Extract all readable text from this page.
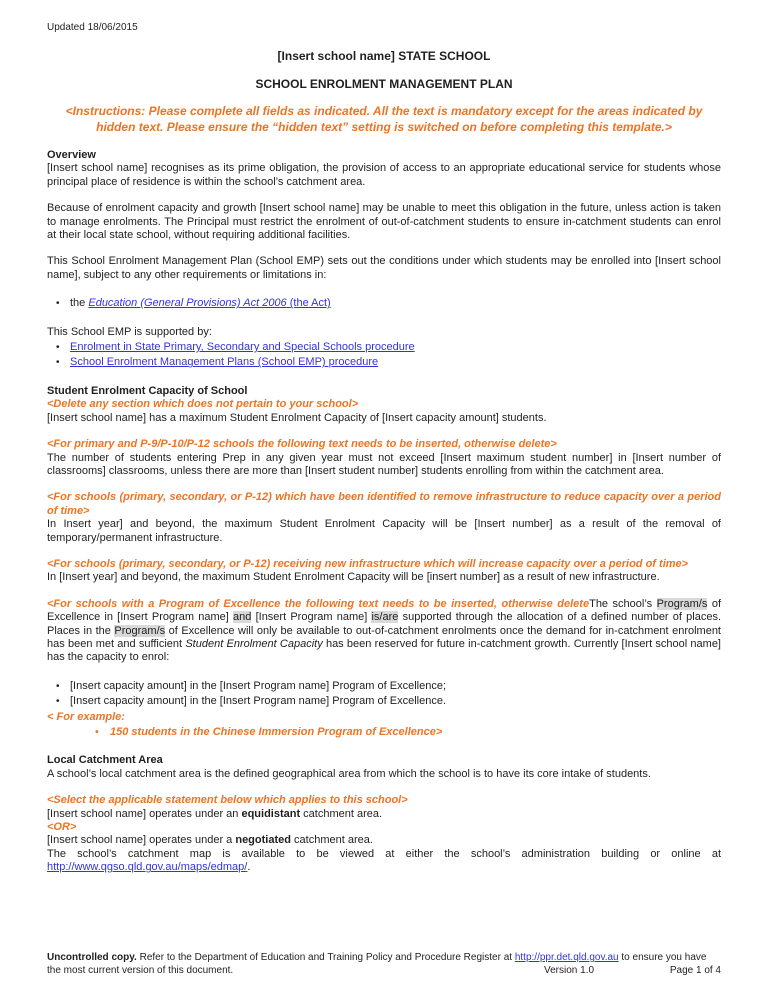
Updated 18/06/2015
[Insert school name] STATE SCHOOL
SCHOOL ENROLMENT MANAGEMENT PLAN
<Instructions: Please complete all fields as indicated. All the text is mandatory except for the areas indicated by hidden text. Please ensure the “hidden text” setting is switched on before completing this template.>

Overview

[Insert school name] recognises as its prime obligation, the provision of access to an appropriate educational service for students whose principal place of residence is within the school’s catchment area.

Because of enrolment capacity and growth [Insert school name] may be unable to meet this obligation in the future, unless action is taken to manage enrolments. The Principal must restrict the enrolment of out-of-catchment students to ensure in-catchment students can enrol at their local state school, without requiring additional facilities.

This School Enrolment Management Plan (School EMP) sets out the conditions under which students may be enrolled into [Insert school name], subject to any other requirements or limitations in:

• the Education (General Provisions) Act 2006 (the Act)

This School EMP is supported by:

• Enrolment in State Primary, Secondary and Special Schools procedure
• School Enrolment Management Plans (School EMP) procedure

Student Enrolment Capacity of School

<Delete any section which does not pertain to your school>

[Insert school name] has a maximum Student Enrolment Capacity of [Insert capacity amount] students.

<For primary and P-9/P-10/P-12 schools the following text needs to be inserted, otherwise delete>

The number of students entering Prep in any given year must not exceed [Insert maximum student number] in [Insert number of classrooms] classrooms, unless there are more than [Insert student number] students enrolling from within the catchment area.

<For schools (primary, secondary, or P-12) which have been identified to remove infrastructure to reduce capacity over a period of time>

In Insert year] and beyond, the maximum Student Enrolment Capacity will be [Insert number] as a result of the removal of temporary/permanent infrastructure.

<For schools (primary, secondary, or P-12) receiving new infrastructure which will increase capacity over a period of time>

In [Insert year] and beyond, the maximum Student Enrolment Capacity will be [insert number] as a result of new infrastructure.

<For schools with a Program of Excellence the following text needs to be inserted, otherwise deleteThe school’s Program/s of Excellence in [Insert Program name] and [Insert Program name] is/are supported through the allocation of a defined number of places. Places in the Program/s of Excellence will only be available to out-of-catchment enrolments once the demand for in-catchment enrolment has been met and sufficient Student Enrolment Capacity has been reserved for future in-catchment growth. Currently [Insert school name] has the capacity to enrol:

• [Insert capacity amount] in the [Insert Program name] Program of Excellence;
• [Insert capacity amount] in the [Insert Program name] Program of Excellence.

< For example:

•	150 students in the Chinese Immersion Program of Excellence>

Local Catchment Area

A school’s local catchment area is the defined geographical area from which the school is to have its core intake of students.

<Select the applicable statement below which applies to this school>

[Insert school name] operates under an equidistant catchment area.

<OR>

[Insert school name] operates under a negotiated catchment area.

The school’s catchment map is available to be viewed at either the school’s administration building or online at http://www.qgso.qld.gov.au/maps/edmap/.

Uncontrolled copy. Refer to the Department of Education and Training Policy and Procedure Register at http://ppr.det.qld.gov.au to ensure you have the most current version of this document.	Version 1.0	Page 1 of 4
